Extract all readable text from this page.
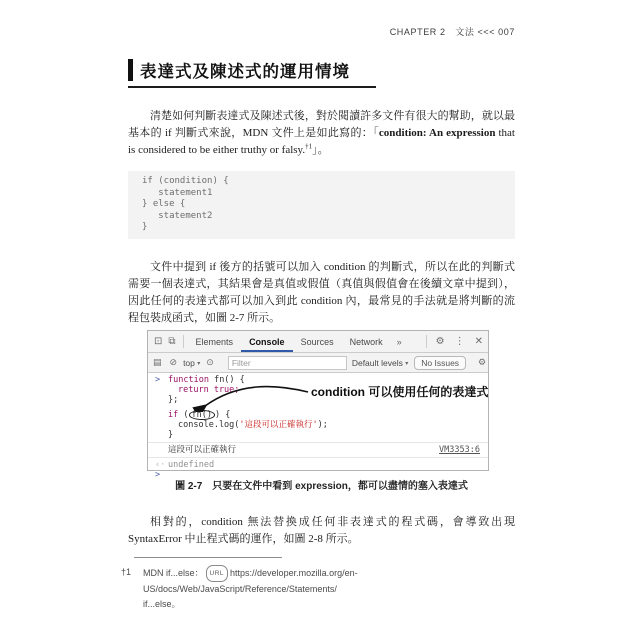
CHAPTER 2　文法 <<< 007
表達式及陳述式的運用情境

清楚如何判斷表達式及陳述式後，對於閱讀許多文件有很大的幫助，就以最基本的 if 判斷式來說，MDN 文件上是如此寫的：「condition: An expression that is considered to be either truthy or falsy.$^{\dagger 1}$」。

if (condition) {
statement1
} else {
statement2
}

文件中提到 if 後方的括號可以加入 condition 的判斷式，所以在此的判斷式需要一個表達式，其結果會是真值或假值（真值與假值會在後續文章中提到），因此任何的表達式都可以加入到此 condition 內，最常見的手法就是將判斷的流程包裝成函式，如圖 2-7 所示。

⊡ ⧉	Elements	Console	Sources	Network	»	⚙ ⋮ ✕
▤ ⊘ top ▾ ⊙
Filter	Default levels ▾	No Issues	⚙
> function fn() {
return true;
};
if ( fn() ) {
console.log('這段可以正確執行');
}
這段可以正確執行	VM3353:6
‹· undefined
>
condition 可以使用任何的表達式
圖 2-7　只要在文件中看到 expression，都可以盡情的塞入表達式

相對的，condition 無法替換成任何非表達式的程式碼，會導致出現 SyntaxError 中止程式碼的運作，如圖 2-8 所示。

†1	MDN if...else： URL https://developer.mozilla.org/en-US/docs/Web/JavaScript/Reference/Statements/
if...else。
